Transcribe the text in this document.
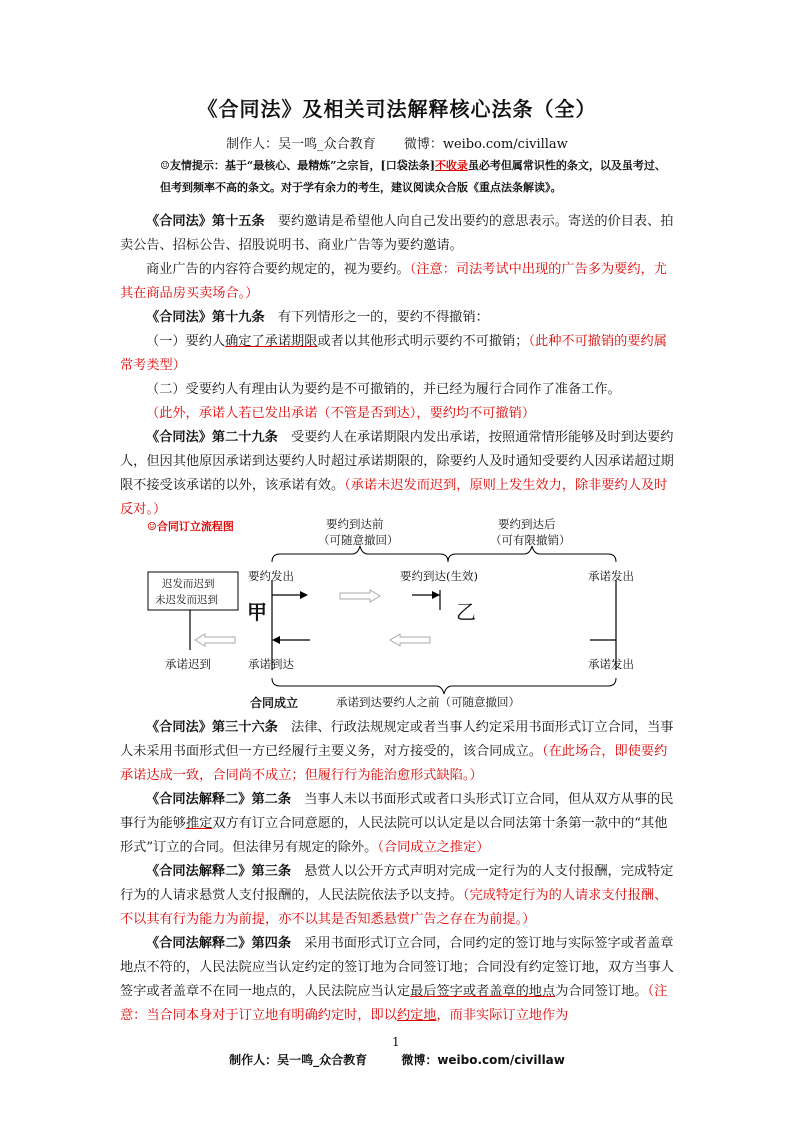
《合同法》及相关司法解释核心法条（全）
制作人：吴一鸣_众合教育 微博：weibo.com/civillaw
☺友情提示：基于“最核心、最精炼”之宗旨，[口袋法条]不收录虽必考但属常识性的条文，以及虽考过、
但考到频率不高的条文。对于学有余力的考生，建议阅读众合版《重点法条解读》。
《合同法》第十五条　要约邀请是希望他人向自己发出要约的意思表示。寄送的价目表、拍卖公告、招标公告、招股说明书、商业广告等为要约邀请。
商业广告的内容符合要约规定的，视为要约。（注意：司法考试中出现的广告多为要约，尤其在商品房买卖场合。）
《合同法》第十九条　有下列情形之一的，要约不得撤销：
（一）要约人确定了承诺期限或者以其他形式明示要约不可撤销；（此种不可撤销的要约属常考类型）
（二）受要约人有理由认为要约是不可撤销的，并已经为履行合同作了准备工作。
（此外，承诺人若已发出承诺（不管是否到达），要约均不可撤销）
《合同法》第二十九条　受要约人在承诺期限内发出承诺，按照通常情形能够及时到达要约人，但因其他原因承诺到达要约人时超过承诺期限的，除要约人及时通知受要约人因承诺超过期限不接受该承诺的以外，该承诺有效。（承诺未迟发而迟到，原则上发生效力，除非要约人及时反对。）
☺合同订立流程图	要约到达前
（可随意撤回）
要约到达后
（可有限撤销）
要约发出	要约到达(生效)	承诺发出
甲	乙
迟发而迟到
未迟发而迟到
承诺迟到	承诺到达	承诺发出
合同成立	承诺到达要约人之前（可随意撤回）
《合同法》第三十六条　法律、行政法规规定或者当事人约定采用书面形式订立合同，当事人未采用书面形式但一方已经履行主要义务，对方接受的，该合同成立。（在此场合，即使要约承诺达成一致，合同尚不成立；但履行行为能治愈形式缺陷。）
《合同法解释二》第二条　当事人未以书面形式或者口头形式订立合同，但从双方从事的民事行为能够推定双方有订立合同意愿的，人民法院可以认定是以合同法第十条第一款中的“其他形式”订立的合同。但法律另有规定的除外。（合同成立之推定）
《合同法解释二》第三条　悬赏人以公开方式声明对完成一定行为的人支付报酬，完成特定行为的人请求悬赏人支付报酬的，人民法院依法予以支持。（完成特定行为的人请求支付报酬、不以其有行为能力为前提，亦不以其是否知悉悬赏广告之存在为前提。）
《合同法解释二》第四条　采用书面形式订立合同，合同约定的签订地与实际签字或者盖章地点不符的，人民法院应当认定约定的签订地为合同签订地；合同没有约定签订地，双方当事人签字或者盖章不在同一地点的，人民法院应当认定最后签字或者盖章的地点为合同签订地。（注意：当合同本身对于订立地有明确约定时，即以约定地，而非实际订立地作为
1
制作人：吴一鸣_众合教育	微博：weibo.com/civillaw
